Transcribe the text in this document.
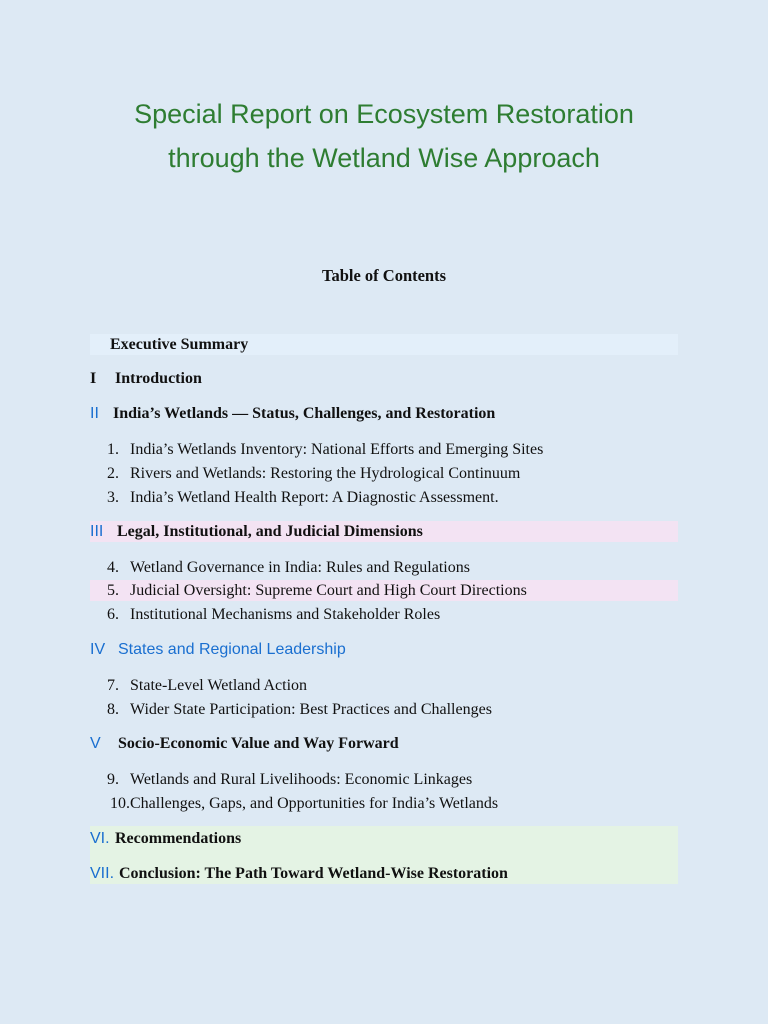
Special Report on Ecosystem Restoration
through the Wetland Wise Approach
Table of Contents
Executive Summary
I Introduction
II India’s Wetlands — Status, Challenges, and Restoration
1. India’s Wetlands Inventory: National Efforts and Emerging Sites
2. Rivers and Wetlands: Restoring the Hydrological Continuum
3. India’s Wetland Health Report: A Diagnostic Assessment.
III Legal, Institutional, and Judicial Dimensions
4. Wetland Governance in India: Rules and Regulations
5. Judicial Oversight: Supreme Court and High Court Directions
6. Institutional Mechanisms and Stakeholder Roles
IV States and Regional Leadership
7. State-Level Wetland Action
8. Wider State Participation: Best Practices and Challenges
V Socio-Economic Value and Way Forward
9. Wetlands and Rural Livelihoods: Economic Linkages
10.Challenges, Gaps, and Opportunities for India’s Wetlands
VI. Recommendations
VII. Conclusion: The Path Toward Wetland-Wise Restoration
